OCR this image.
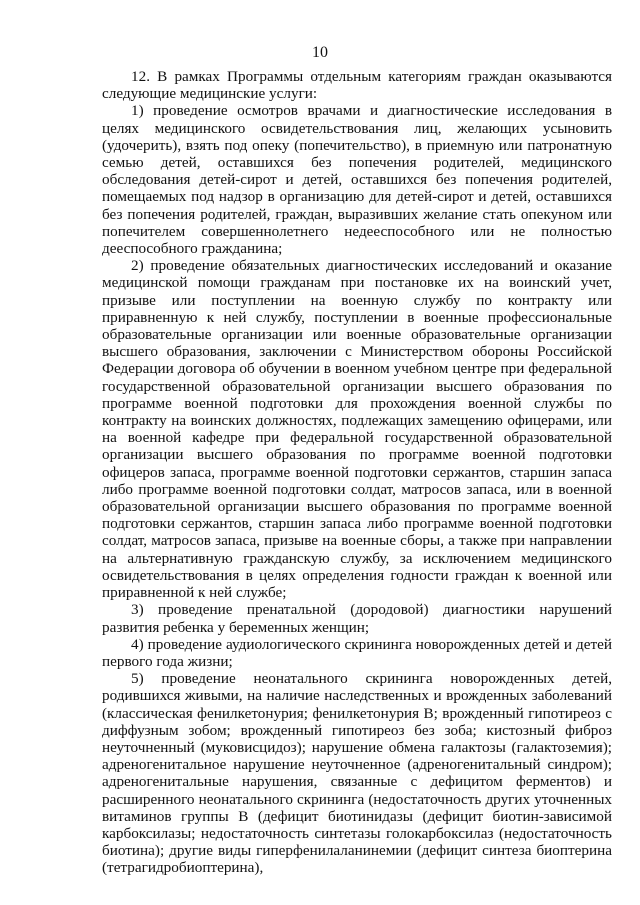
10

12. В рамках Программы отдельным категориям граждан оказываются следующие медицинские услуги:

1) проведение осмотров врачами и диагностические исследования в целях медицинского освидетельствования лиц, желающих усыновить (удочерить), взять под опеку (попечительство), в приемную или патронатную семью детей, оставшихся без попечения родителей, медицинского обследования детей-сирот и детей, оставшихся без попечения родителей, помещаемых под надзор в организацию для детей-сирот и детей, оставшихся без попечения родителей, граждан, выразивших желание стать опекуном или попечителем совершеннолетнего недееспособного или не полностью дееспособного гражданина;

2) проведение обязательных диагностических исследований и оказание медицинской помощи гражданам при постановке их на воинский учет, призыве или поступлении на военную службу по контракту или приравненную к ней службу, поступлении в военные профессиональные образовательные организации или военные образовательные организации высшего образования, заключении с Министерством обороны Российской Федерации договора об обучении в военном учебном центре при федеральной государственной образовательной организации высшего образования по программе военной подготовки для прохождения военной службы по контракту на воинских должностях, подлежащих замещению офицерами, или на военной кафедре при федеральной государственной образовательной организации высшего образования по программе военной подготовки офицеров запаса, программе военной подготовки сержантов, старшин запаса либо программе военной подготовки солдат, матросов запаса, или в военной образовательной организации высшего образования по программе военной подготовки сержантов, старшин запаса либо программе военной подготовки солдат, матросов запаса, призыве на военные сборы, а также при направлении на альтернативную гражданскую службу, за исключением медицинского освидетельствования в целях определения годности граждан к военной или приравненной к ней службе;

3) проведение пренатальной (дородовой) диагностики нарушений развития ребенка у беременных женщин;

4) проведение аудиологического скрининга новорожденных детей и детей первого года жизни;

5) проведение неонатального скрининга новорожденных детей, родившихся живыми, на наличие наследственных и врожденных заболеваний (классическая фенилкетонурия; фенилкетонурия B; врожденный гипотиреоз с диффузным зобом; врожденный гипотиреоз без зоба; кистозный фиброз неуточненный (муковисцидоз); нарушение обмена галактозы (галактоземия); адреногенитальное нарушение неуточненное (адреногенитальный синдром); адреногенитальные нарушения, связанные с дефицитом ферментов) и расширенного неонатального скрининга (недостаточность других уточненных витаминов группы B (дефицит биотинидазы (дефицит биотин-зависимой карбоксилазы; недостаточность синтетазы голокарбоксилаз (недостаточность биотина); другие виды гиперфенилаланинемии (дефицит синтеза биоптерина (тетрагидробиоптерина),
